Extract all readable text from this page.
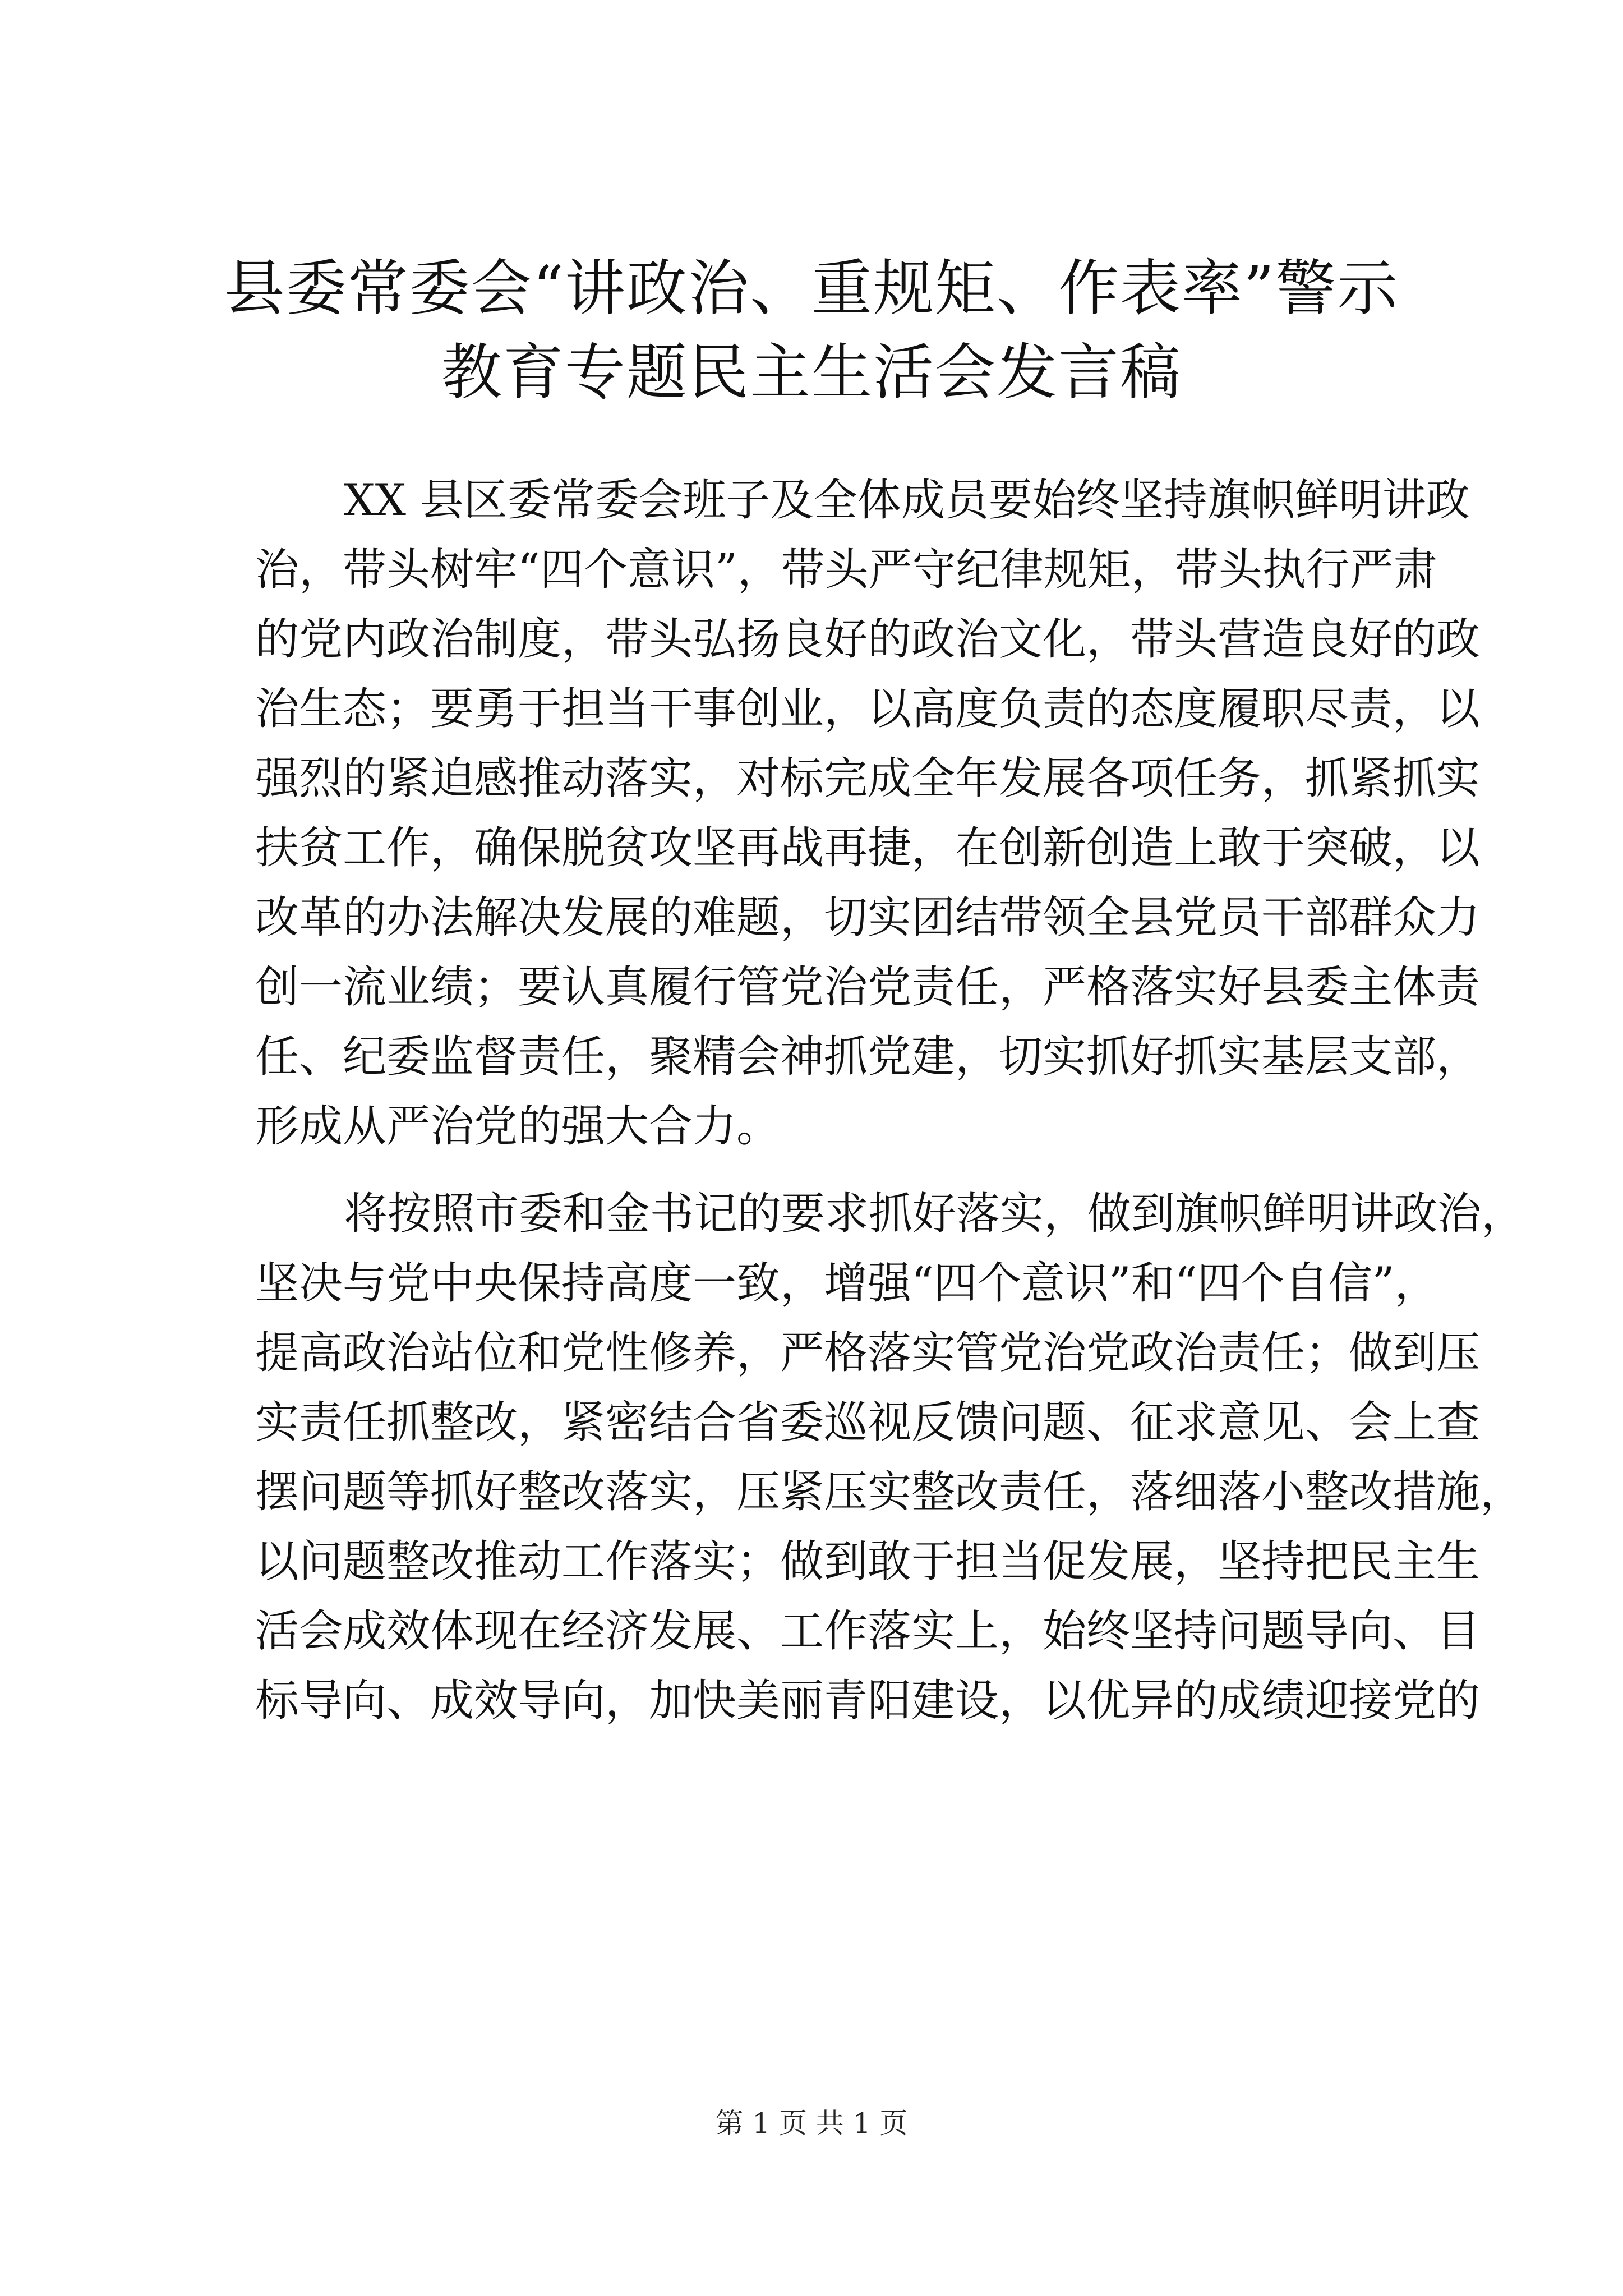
县委常委会“讲政治、重规矩、作表率”警示
教育专题民主生活会发言稿
XX 县区委常委会班子及全体成员要始终坚持旗帜鲜明讲政
治，带头树牢“四个意识”，带头严守纪律规矩，带头执行严肃
的党内政治制度，带头弘扬良好的政治文化，带头营造良好的政
治生态；要勇于担当干事创业，以高度负责的态度履职尽责，以
强烈的紧迫感推动落实，对标完成全年发展各项任务，抓紧抓实
扶贫工作，确保脱贫攻坚再战再捷，在创新创造上敢于突破，以
改革的办法解决发展的难题，切实团结带领全县党员干部群众力
创一流业绩；要认真履行管党治党责任，严格落实好县委主体责
任、纪委监督责任，聚精会神抓党建，切实抓好抓实基层支部，
形成从严治党的强大合力。
将按照市委和金书记的要求抓好落实，做到旗帜鲜明讲政治，
坚决与党中央保持高度一致，增强“四个意识”和“四个自信”，
提高政治站位和党性修养，严格落实管党治党政治责任；做到压
实责任抓整改，紧密结合省委巡视反馈问题、征求意见、会上查
摆问题等抓好整改落实，压紧压实整改责任，落细落小整改措施，
以问题整改推动工作落实；做到敢于担当促发展，坚持把民主生
活会成效体现在经济发展、工作落实上，始终坚持问题导向、目
标导向、成效导向，加快美丽青阳建设，以优异的成绩迎接党的
第 1 页 共 1 页
